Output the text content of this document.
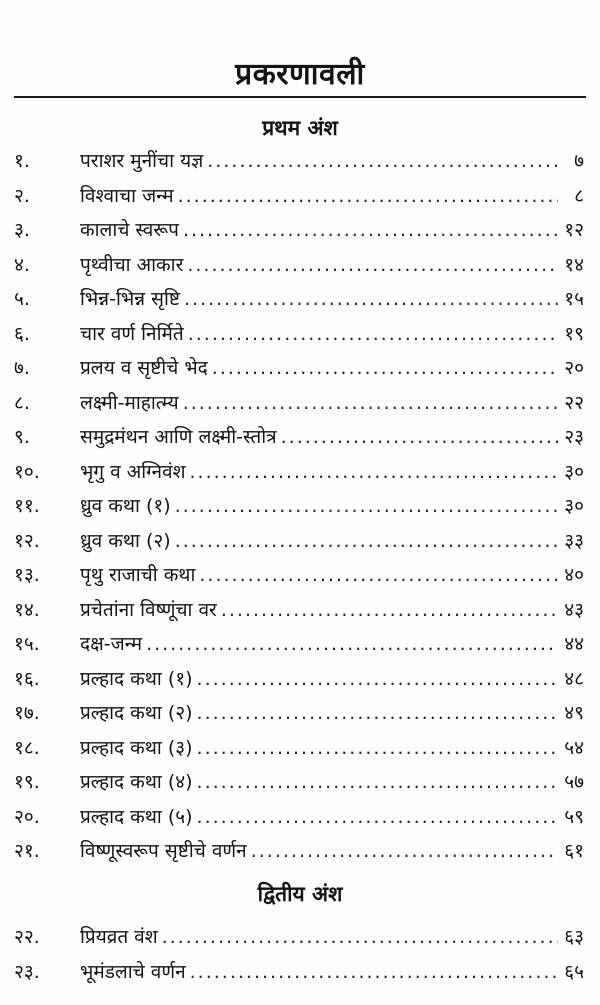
प्रकरणावली
प्रथम अंश
१.	पराशर मुनींचा यज्ञ .....	७
२.	विश्वाचा जन्म .....	८
३.	कालाचे स्वरूप .....	१२
४.	पृथ्वीचा आकार .....	१४
५.	भिन्न-भिन्न सृष्टि .....	१५
६.	चार वर्ण निर्मिते .....	१९
७.	प्रलय व सृष्टीचे भेद .....	२०
८.	लक्ष्मी-माहात्म्य .....	२२
९.	समुद्रमंथन आणि लक्ष्मी-स्तोत्र .....	२३
१०.	भृगु व अग्निवंश .....	३०
११.	ध्रुव कथा (१) .....	३०
१२.	ध्रुव कथा (२) .....	३३
१३.	पृथु राजाची कथा .....	४०
१४.	प्रचेतांना विष्णूंचा वर .....	४३
१५.	दक्ष-जन्म .....	४४
१६.	प्रल्हाद कथा (१) .....	४८
१७.	प्रल्हाद कथा (२) .....	४९
१८.	प्रल्हाद कथा (३) .....	५४
१९.	प्रल्हाद कथा (४) .....	५७
२०.	प्रल्हाद कथा (५) .....	५९
२१.	विष्णूस्वरूप सृष्टीचे वर्णन .....	६१
द्वितीय अंश
२२.	प्रियव्रत वंश .....	६३
२३.	भूमंडलाचे वर्णन .....	६५
